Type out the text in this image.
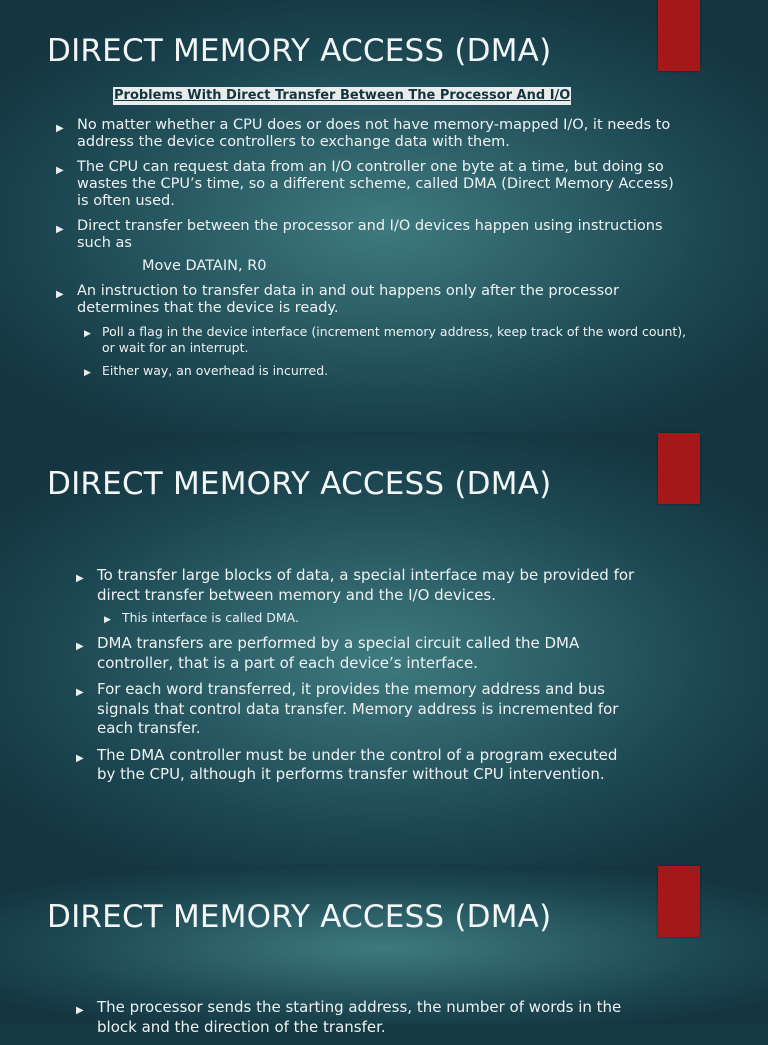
DIRECT MEMORY ACCESS (DMA)
Problems With Direct Transfer Between The Processor And I/O
▶ No matter whether a CPU does or does not have memory-mapped I/O, it needs to address the device controllers to exchange data with them.
▶ The CPU can request data from an I/O controller one byte at a time, but doing so wastes the CPU’s time, so a different scheme, called DMA (Direct Memory Access) is often used.
▶ Direct transfer between the processor and I/O devices happen using instructions such as
Move DATAIN, R0
▶ An instruction to transfer data in and out happens only after the processor determines that the device is ready.
▶ Poll a flag in the device interface (increment memory address, keep track of the word count), or wait for an interrupt.
▶ Either way, an overhead is incurred.
DIRECT MEMORY ACCESS (DMA)
▶ To transfer large blocks of data, a special interface may be provided for direct transfer between memory and the I/O devices.
▶ This interface is called DMA.
▶ DMA transfers are performed by a special circuit called the DMA controller, that is a part of each device’s interface.
▶ For each word transferred, it provides the memory address and bus signals that control data transfer. Memory address is incremented for each transfer.
▶ The DMA controller must be under the control of a program executed by the CPU, although it performs transfer without CPU intervention.
DIRECT MEMORY ACCESS (DMA)
▶ The processor sends the starting address, the number of words in the block and the direction of the transfer.
